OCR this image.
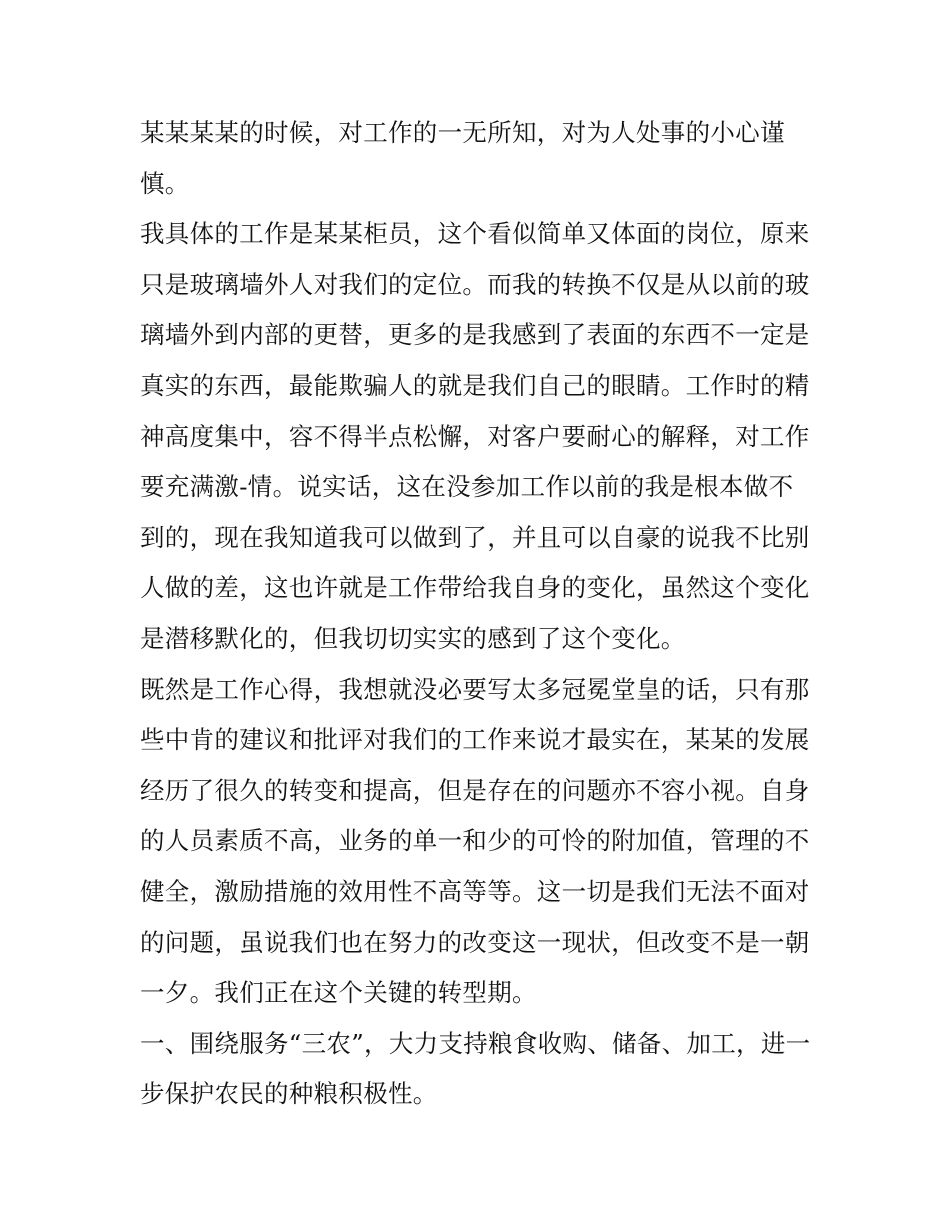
某某某某的时候，对工作的一无所知，对为人处事的小心谨
慎。
我具体的工作是某某柜员，这个看似简单又体面的岗位，原来
只是玻璃墙外人对我们的定位。而我的转换不仅是从以前的玻
璃墙外到内部的更替，更多的是我感到了表面的东西不一定是
真实的东西，最能欺骗人的就是我们自己的眼睛。工作时的精
神高度集中，容不得半点松懈，对客户要耐心的解释，对工作
要充满激-情。说实话，这在没参加工作以前的我是根本做不
到的，现在我知道我可以做到了，并且可以自豪的说我不比别
人做的差，这也许就是工作带给我自身的变化，虽然这个变化
是潜移默化的，但我切切实实的感到了这个变化。
既然是工作心得，我想就没必要写太多冠冕堂皇的话，只有那
些中肯的建议和批评对我们的工作来说才最实在，某某的发展
经历了很久的转变和提高，但是存在的问题亦不容小视。自身
的人员素质不高，业务的单一和少的可怜的附加值，管理的不
健全，激励措施的效用性不高等等。这一切是我们无法不面对
的问题，虽说我们也在努力的改变这一现状，但改变不是一朝
一夕。我们正在这个关键的转型期。
一、围绕服务“三农”，大力支持粮食收购、储备、加工，进一
步保护农民的种粮积极性。
